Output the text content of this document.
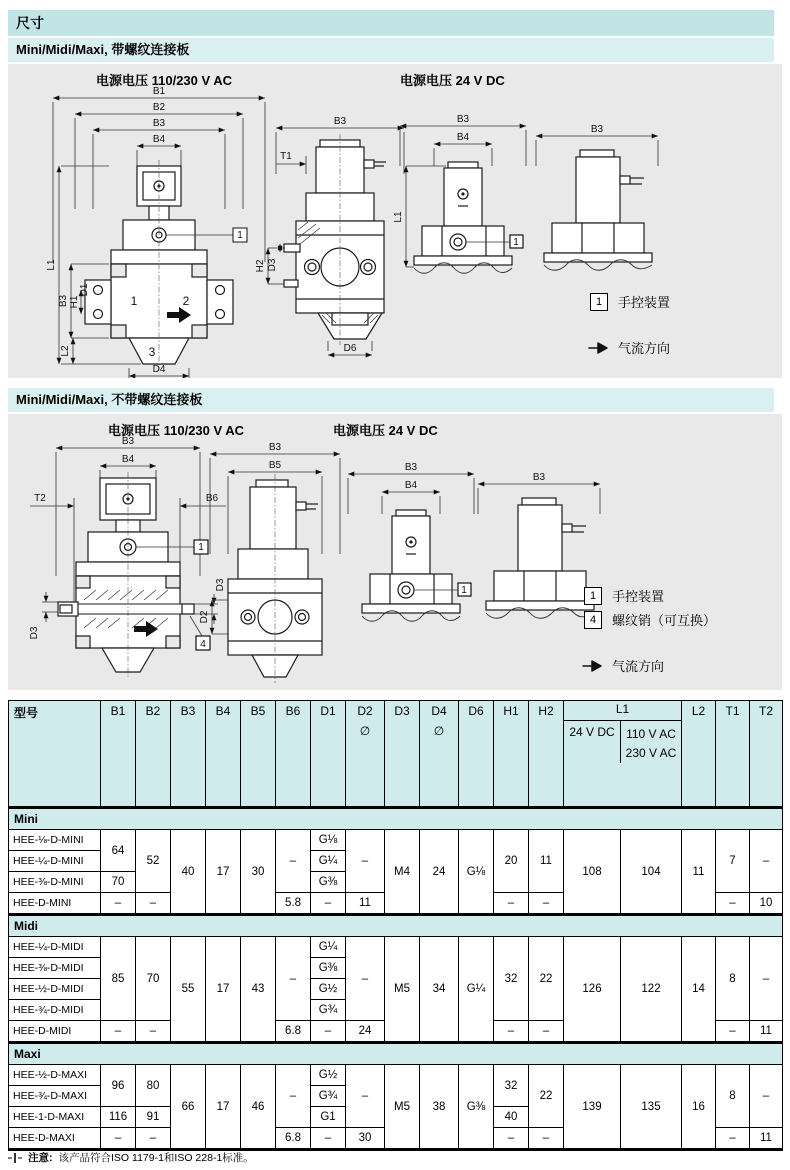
尺寸
Mini/Midi/Maxi, 带螺纹连接板
电源电压 110/230 V AC	电源电压 24 V DC
B1
B2
B3
B4
L1
B3 H1
D1
L2
D4
1	2
3
1
B3
T1
H2 D3
D6
B3
B4
L1
1
B3
1	手控装置
气流方向
Mini/Midi/Maxi, 不带螺纹连接板
电源电压 110/230 V AC	电源电压 24 V DC
B3
B4
T2	B6
D3
D3
1
4
B3
B5
D2
B3
B4
1
B3
1	手控装置
4	螺纹销（可互换）
气流方向
型号	B1	B2	B3	B4	B5	B6	D1	D2
∅
	D3	D4
∅
	D6	H1	H2	L1
24 V DC 110 V AC
230 V AC
	L2	T1	T2
Mini																		
HEE-⅛-D-MINI	64	52	40	17	30	–	G⅛	–	M4	24	G⅛	20	11	108	104	11	7	–
HEE-¼-D-MINI							G¼											
HEE-⅜-D-MINI	70						G⅜											
HEE-D-MINI	–	–				5.8	–	11				–	–				–	10
Midi																		
HEE-¼-D-MIDI	85	70	55	17	43	–	G¼	–	M5	34	G¼	32	22	126	122	14	8	–
HEE-⅜-D-MIDI							G⅜											
HEE-½-D-MIDI							G½											
HEE-¾-D-MIDI							G¾											
HEE-D-MIDI	–	–				6.8	–	24				–	–				–	11
Maxi																		
HEE-½-D-MAXI	96	80	66	17	46	–	G½	–	M5	38	G⅜	32	22	139	135	16	8	–
HEE-¾-D-MAXI							G¾											
HEE-1-D-MAXI	116	91					G1					40						
HEE-D-MAXI	–	–				6.8	–	30				–	–				–	11
注意: 该产品符合ISO 1179-1和ISO 228-1标准。
